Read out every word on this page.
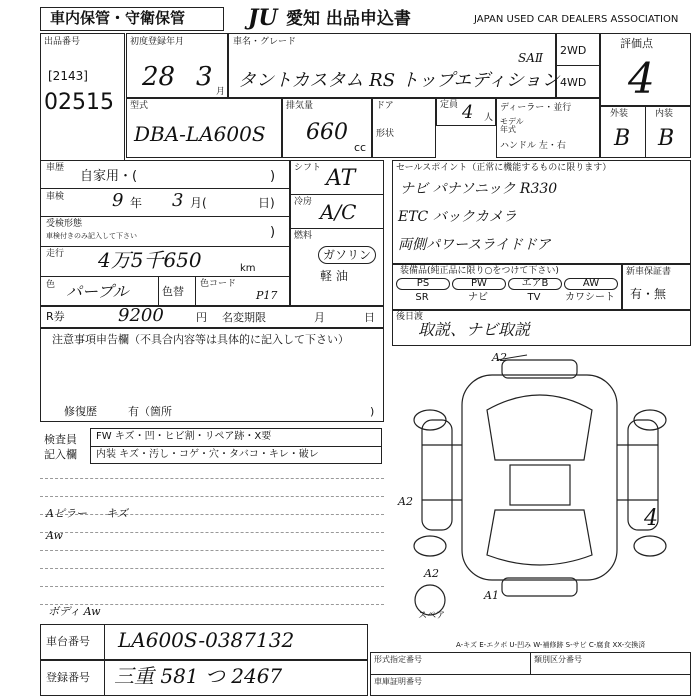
車内保管・守衛保管	JU 愛知 出品申込書	JAPAN USED CAR DEALERS ASSOCIATION
出品番号
[2143]
02515
初度登録年月
28 3 月
車名・グレード
タントカスタム RS トップエディション
SAⅡ
2WD
4WD
評価点
4
型式
DBA-LA600S
排気量
660
cc
ドア
形状
定員 4 人
ディーラー・並行
モデル
年式
ハンドル 左・右
外装	内装
B B
車歴
自家用・(	)
車検	9 年 3 月(	日)
受検形態
車検付きのみ記入して下さい	)
走行 4万5千650	km
色 パープル	色替
色コード
P17
シフト AT
冷房 A/C
燃料
ガソリン
軽 油
セールスポイント（正常に機能するものに限ります）
ナビ パナソニック R330
ETC バックカメラ
両側パワースライドドア
装備品(純正品に限り○をつけて下さい)
PS	PW	エアB	AW
SR	ナビ	TV	カワシート
新車保証書
有・無
R券	9200	円 名変期限	月	日 後日渡
取説、ナビ取説
注意事項申告欄（不具合内容等は具体的に記入して下さい）
修復歴	有（箇所	)
検査員
記入欄
FW キズ・凹・ヒビ割・リペア跡・X要
内装 キズ・汚し・コゲ・穴・タバコ・キレ・破レ
Aピラー キズ
Aw
ボディ Aw
A2
A2
A2
A1
4
スペア
A-キズ E-エクボ U-凹み W-補修跡 S-サビ C-腐食 XX-交換済
車台番号 LA600S-0387132
登録番号 三重 581 つ 2467
形式指定番号	類別区分番号
車庫証明番号
